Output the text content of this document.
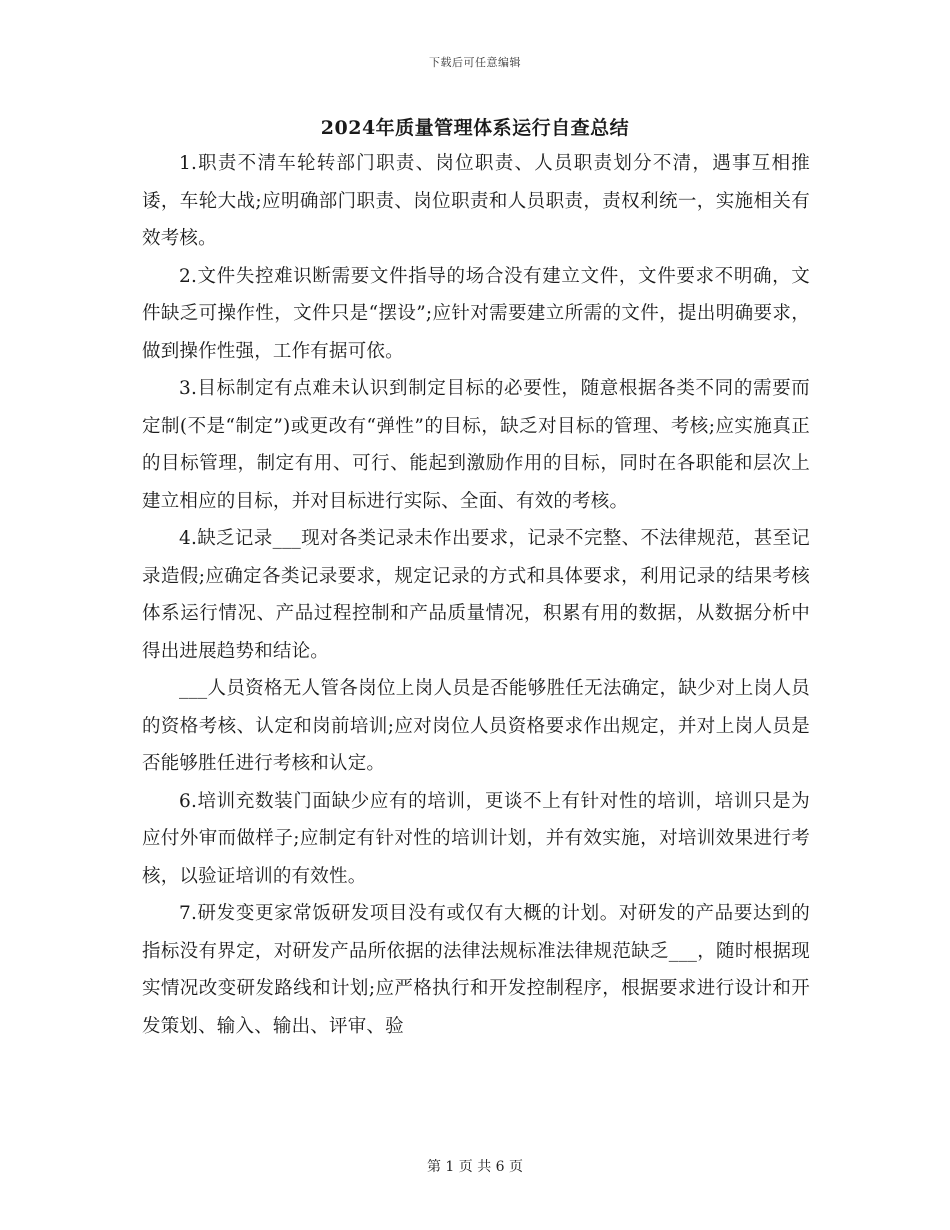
下载后可任意编辑
2024年质量管理体系运行自查总结

1.职责不清车轮转部门职责、岗位职责、人员职责划分不清，遇事互相推诿，车轮大战;应明确部门职责、岗位职责和人员职责，责权利统一，实施相关有效考核。

2.文件失控难识断需要文件指导的场合没有建立文件，文件要求不明确，文件缺乏可操作性，文件只是“摆设”;应针对需要建立所需的文件，提出明确要求，做到操作性强，工作有据可依。

3.目标制定有点难未认识到制定目标的必要性，随意根据各类不同的需要而定制(不是“制定”)或更改有“弹性”的目标，缺乏对目标的管理、考核;应实施真正的目标管理，制定有用、可行、能起到激励作用的目标，同时在各职能和层次上建立相应的目标，并对目标进行实际、全面、有效的考核。

4.缺乏记录___现对各类记录未作出要求，记录不完整、不法律规范，甚至记录造假;应确定各类记录要求，规定记录的方式和具体要求，利用记录的结果考核体系运行情况、产品过程控制和产品质量情况，积累有用的数据，从数据分析中得出进展趋势和结论。

___人员资格无人管各岗位上岗人员是否能够胜任无法确定，缺少对上岗人员的资格考核、认定和岗前培训;应对岗位人员资格要求作出规定，并对上岗人员是否能够胜任进行考核和认定。

6.培训充数装门面缺少应有的培训，更谈不上有针对性的培训，培训只是为应付外审而做样子;应制定有针对性的培训计划，并有效实施，对培训效果进行考核，以验证培训的有效性。

7.研发变更家常饭研发项目没有或仅有大概的计划。对研发的产品要达到的指标没有界定，对研发产品所依据的法律法规标准法律规范缺乏___，随时根据现实情况改变研发路线和计划;应严格执行和开发控制程序，根据要求进行设计和开发策划、输入、输出、评审、验

第 1 页 共 6 页
